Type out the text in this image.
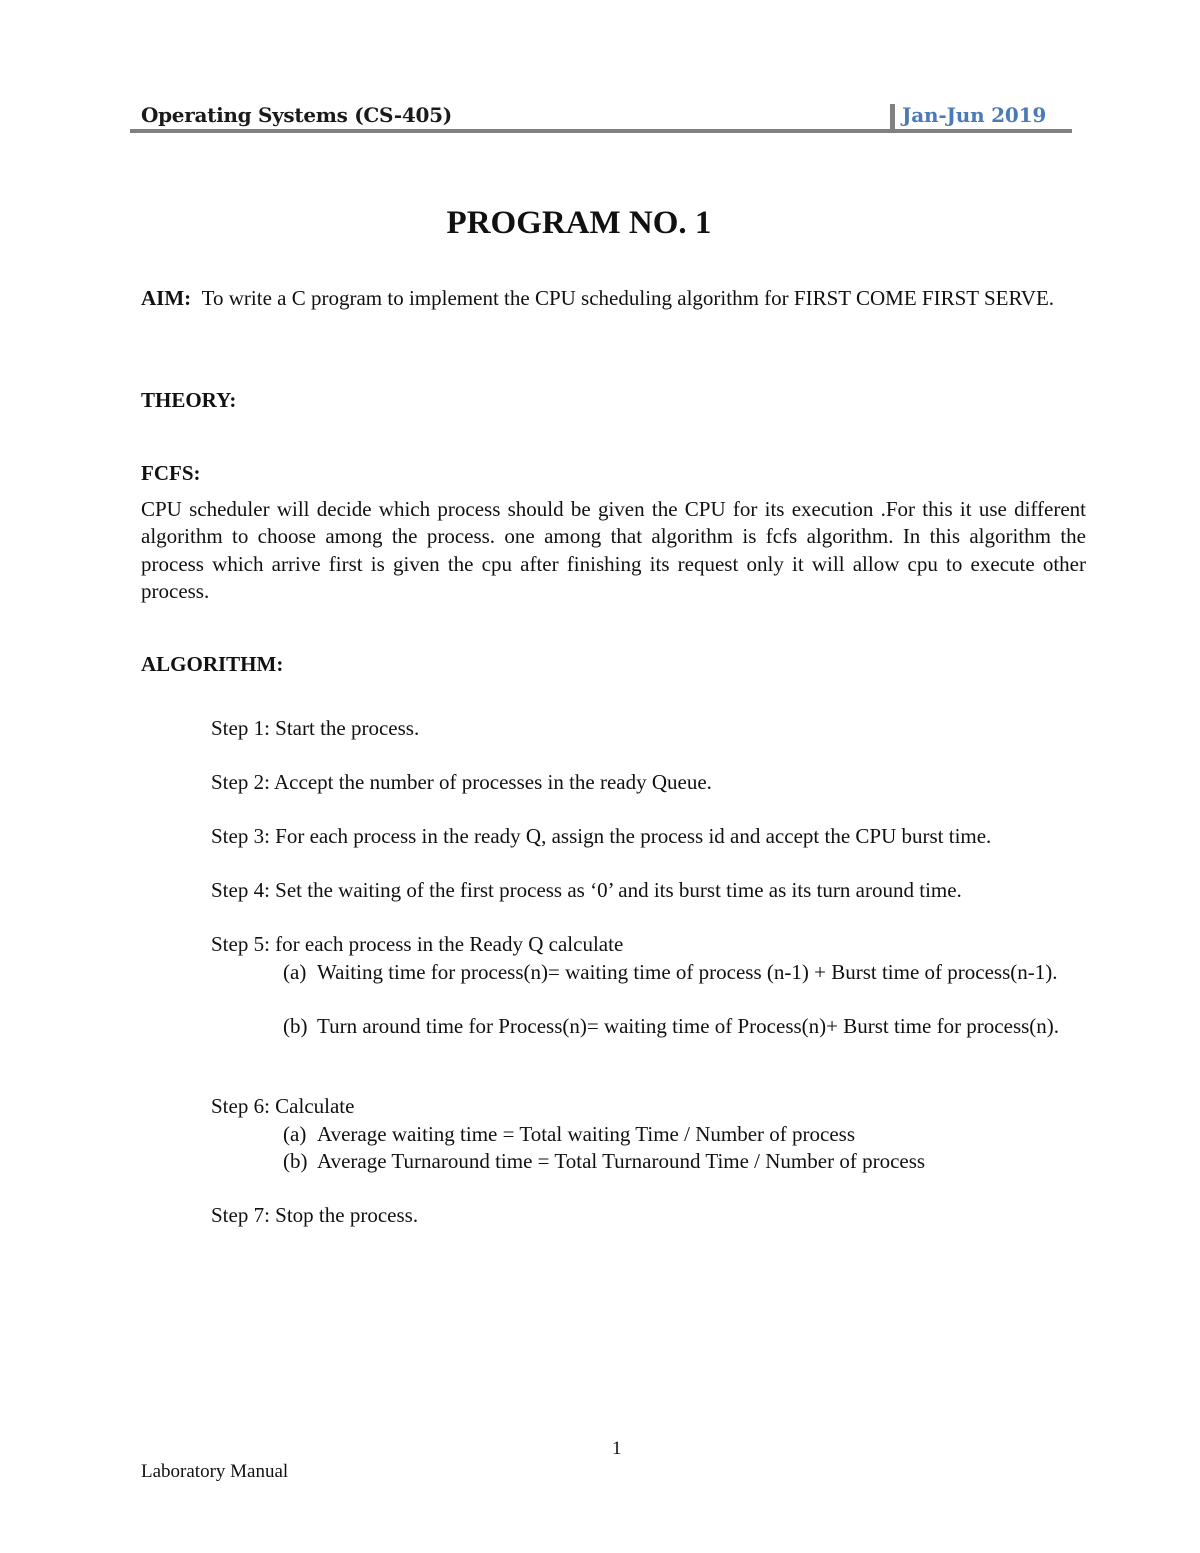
Operating Systems (CS-405)	Jan-Jun 2019
PROGRAM NO. 1
AIM: To write a C program to implement the CPU scheduling algorithm for FIRST COME FIRST SERVE.
THEORY:
FCFS:
CPU scheduler will decide which process should be given the CPU for its execution .For this it use different algorithm to choose among the process. one among that algorithm is fcfs algorithm. In this algorithm the process which arrive first is given the cpu after finishing its request only it will allow cpu to execute other process.
ALGORITHM:
Step 1: Start the process.
Step 2: Accept the number of processes in the ready Queue.
Step 3: For each process in the ready Q, assign the process id and accept the CPU burst time.
Step 4: Set the waiting of the first process as ‘0’ and its burst time as its turn around time.
Step 5: for each process in the Ready Q calculate
(a) Waiting time for process(n)= waiting time of process (n-1) + Burst time of process(n-1).
(b) Turn around time for Process(n)= waiting time of Process(n)+ Burst time for process(n).
Step 6: Calculate
(a) Average waiting time = Total waiting Time / Number of process
(b) Average Turnaround time = Total Turnaround Time / Number of process
Step 7: Stop the process.
1
Laboratory Manual
